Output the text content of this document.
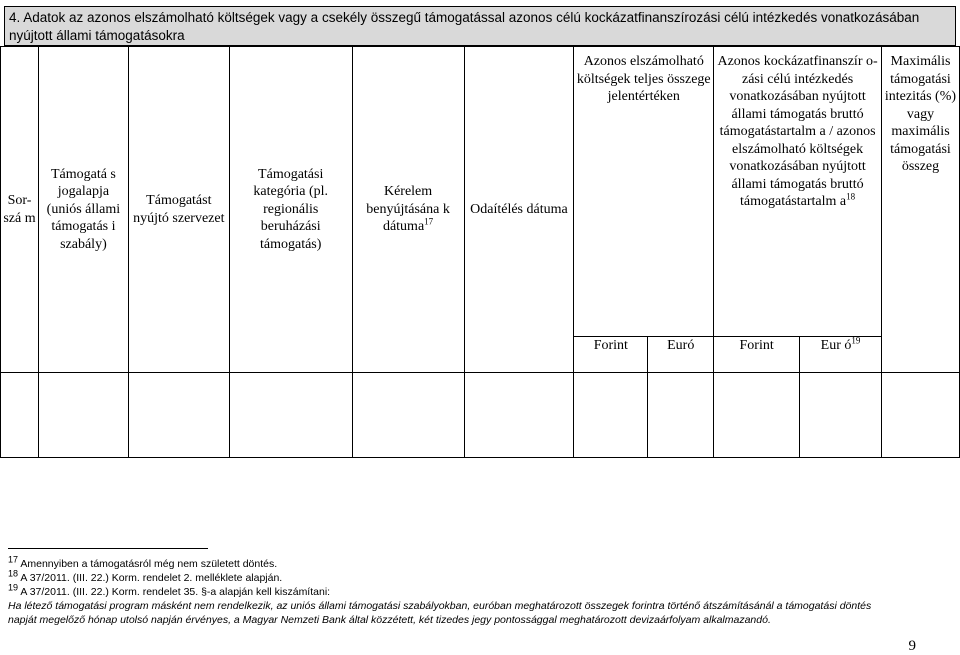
4. Adatok az azonos elszámolható költségek vagy a csekély összegű támogatással azonos célú kockázatfinanszírozási célú intézkedés vonatkozásában nyújtott állami támogatásokra
Sor-szá m	Támogatá s jogalapja (uniós állami támogatás i szabály)	Támogatást nyújtó szervezet	Támogatási kategória (pl. regionális beruházási támogatás)	Kérelem benyújtásána k dátuma$^{17}$	Odaítélés dátuma	Azonos elszámolható költségek teljes összege jelentértéken		Azonos kockázatfinanszír o-zási célú intézkedés vonatkozásában nyújtott állami támogatás bruttó támogatástartalm a / azonos elszámolható költségek vonatkozásában nyújtott állami támogatás bruttó támogatástartalm $a^{18}$		Maximális támogatási intezitás (%) vagy maximális támogatási összeg
						Forint	Euró	Forint	Eur $ó^{19}$

$^{17}$ Amennyiben a támogatásról még nem született döntés.
$^{18}$ A 37/2011. (III. 22.) Korm. rendelet 2. melléklete alapján.
$^{19}$ A 37/2011. (III. 22.) Korm. rendelet 35. §-a alapján kell kiszámítani:
Ha létező támogatási program másként nem rendelkezik, az uniós állami támogatási szabályokban, euróban meghatározott összegek forintra történő átszámításánál a támogatási döntés
napját megelőző hónap utolsó napján érvényes, a Magyar Nemzeti Bank által közzétett, két tizedes jegy pontossággal meghatározott devizaárfolyam alkalmazandó.
9
